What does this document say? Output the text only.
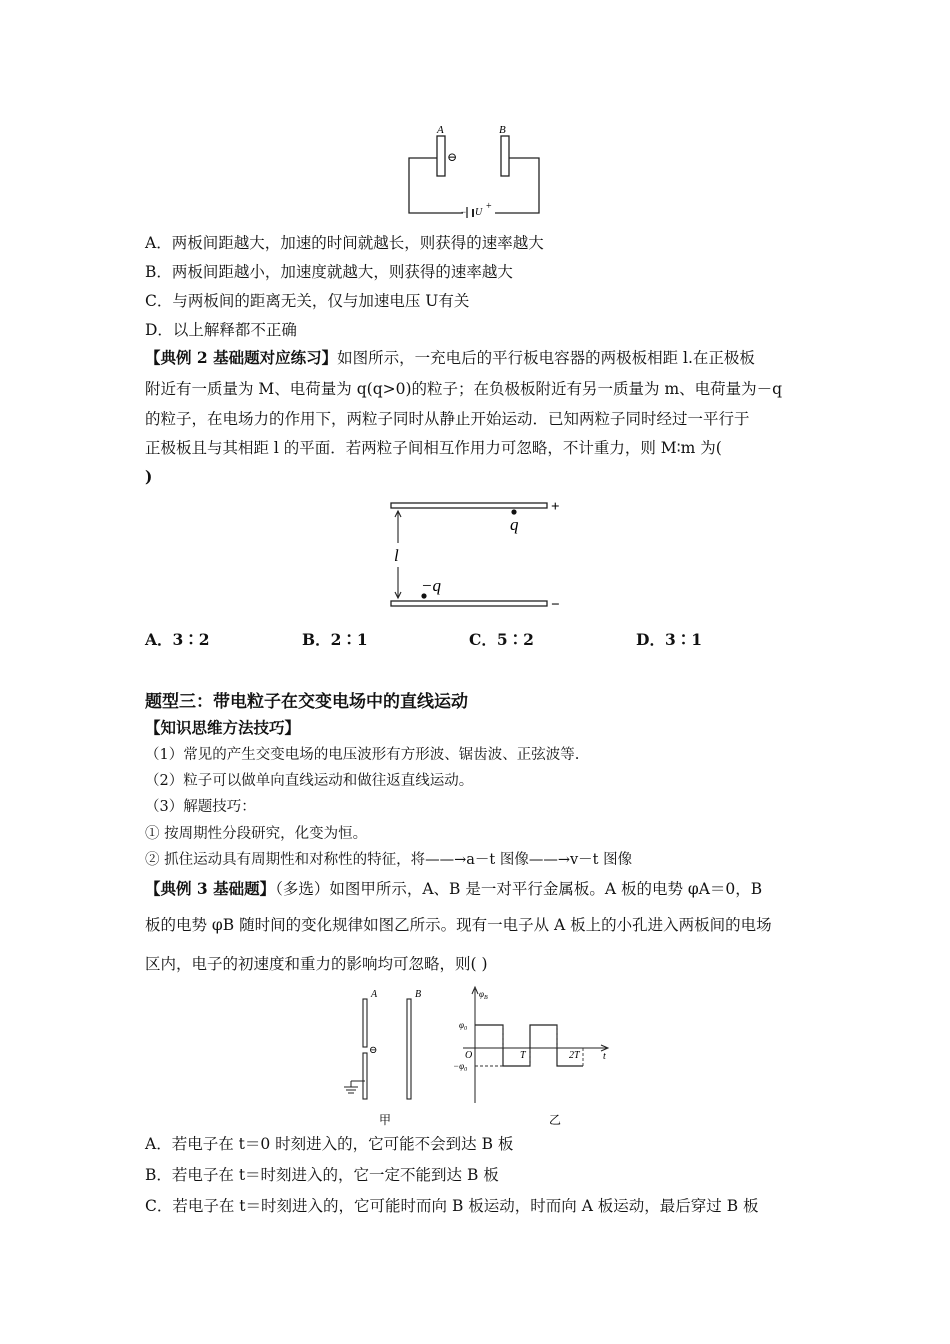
A	B
⊖
− U
+
A．两板间距越大，加速的时间就越长，则获得的速率越大
B．两板间距越小，加速度就越大，则获得的速率越大
C．与两板间的距离无关，仅与加速电压 U有关
D．以上解释都不正确
【典例 2 基础题对应练习】如图所示，一充电后的平行板电容器的两极板相距 l.在正极板
附近有一质量为 M、电荷量为 q(q>0)的粒子；在负极板附近有另一质量为 m、电荷量为－q
的粒子，在电场力的作用下，两粒子同时从静止开始运动．已知两粒子同时经过一平行于
正极板且与其相距 l 的平面．若两粒子间相互作用力可忽略，不计重力，则 M∶m 为(
)
+
−
q
−q
l
A．3∶2	B．2∶1	C．5∶2	D．3∶1
题型三：带电粒子在交变电场中的直线运动
【知识思维方法技巧】
（1）常见的产生交变电场的电压波形有方形波、锯齿波、正弦波等.
（2）粒子可以做单向直线运动和做往返直线运动。
（3）解题技巧：
① 按周期性分段研究，化变为恒。
② 抓住运动具有周期性和对称性的特征，将——→a－t 图像——→v－t 图像
【典例 3 基础题】（多选）如图甲所示，A、B 是一对平行金属板。A 板的电势 φA＝0，B
板的电势 φB 随时间的变化规律如图乙所示。现有一电子从 A 板上的小孔进入两板间的电场
区内，电子的初速度和重力的影响均可忽略，则( )
A	B
⊖
$\varphi_B$
$\varphi_0$
$-\varphi_0$
O	T	2T t
甲	乙
A．若电子在 t＝0 时刻进入的，它可能不会到达 B 板
B．若电子在 t＝时刻进入的，它一定不能到达 B 板
C．若电子在 t＝时刻进入的，它可能时而向 B 板运动，时而向 A 板运动，最后穿过 B 板
